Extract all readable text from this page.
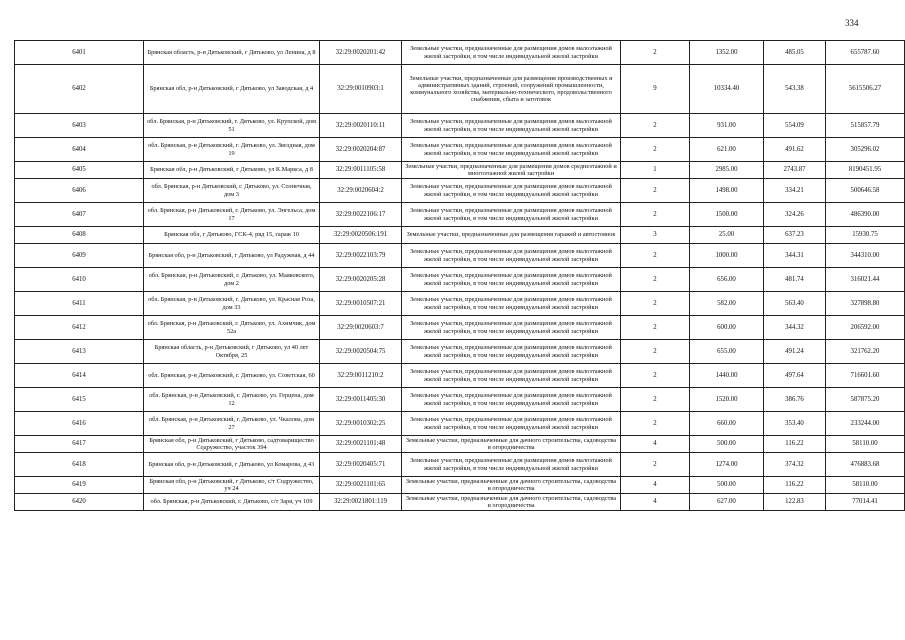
334
6401	Брянская область, р-н Дятьковский, г Дятьково, ул Ленина, д 8	32:29:0020201:42	Земельные участки, предназначенные для размещения домов малоэтажной жилой застройки, в том числе индивидуальной жилой застройки	2	1352.00	485.05	655787.60
6402	Брянская обл, р-н Дятьковский, г Дятьково, ул Заводская, д 4	32:29:0010903:1	Земельные участки, предназначенные для размещения производственных и административных зданий, строений, сооружений промышленности, коммунального хозяйства, материально-технического, продовольственного снабжения, сбыта и заготовок	9	10334.40	543.38	5615506.27
6403	обл. Брянская, р-н Дятьковский, г. Дятьково, ул. Крупской, дом 51	32:29:0020110:11	Земельные участки, предназначенные для размещения домов малоэтажной жилой застройки, в том числе индивидуальной жилой застройки	2	931.00	554.09	515857.79
6404	обл. Брянская, р-н Дятьковский, г. Дятьково, ул. Звездная, дом 19	32:29:0020204:87	Земельные участки, предназначенные для размещения домов малоэтажной жилой застройки, в том числе индивидуальной жилой застройки	2	621.00	491.62	305296.02
6405	Брянская обл, р-н Дятьковский, г Дятьково, ул К.Маркса, д 8	32:29:0011105:58	Земельные участки, предназначенные для размещения домов среднеэтажной и многоэтажной жилой застройки	1	2985.00	2743.87	8190451.95
6406	обл. Брянская, р-н Дятьковский, г. Дятьково, ул. Солнечная, дом 3	32:29:0020604:2	Земельные участки, предназначенные для размещения домов малоэтажной жилой застройки, в том числе индивидуальной жилой застройки	2	1498.00	334.21	500646.58
6407	обл. Брянская, р-н Дятьковский, г. Дятьково, ул. Энгельса, дом 17	32:29:0022106:17	Земельные участки, предназначенные для размещения домов малоэтажной жилой застройки, в том числе индивидуальной жилой застройки	2	1500.00	324.26	486390.00
6408	Брянская обл, г Дятьково, ГСК-4, ряд 15, гараж 10	32:29:0020506:191	Земельные участки, предназначенные для размещения гаражей и автостоянок	3	25.00	637.23	15930.75
6409	Брянская обл, р-н Дятьковский, г Дятьково, ул Радужная, д 44	32:29:0022103:79	Земельные участки, предназначенные для размещения домов малоэтажной жилой застройки, в том числе индивидуальной жилой застройки	2	1000.00	344.31	344310.00
6410	обл. Брянская, р-н Дятьковский, г. Дятьково, ул. Маяковского, дом 2	32:29:0020205:28	Земельные участки, предназначенные для размещения домов малоэтажной жилой застройки, в том числе индивидуальной жилой застройки	2	656.00	481.74	316021.44
6411	обл. Брянская, р-н Дятьковский, г. Дятьково, ул. Красная Роза, дом 33	32:29:0010507:21	Земельные участки, предназначенные для размещения домов малоэтажной жилой застройки, в том числе индивидуальной жилой застройки	2	582.00	563.40	327898.80
6412	обл. Брянская, р-н Дятьковский, г. Дятьково, ул. Ахимчик, дом 52а	32:29:0020603:7	Земельные участки, предназначенные для размещения домов малоэтажной жилой застройки, в том числе индивидуальной жилой застройки	2	600.00	344.32	206592.00
6413	Брянская область, р-н Дятьковский, г Дятьково, ул 40 лет Октября, 25	32:29:0020504:75	Земельные участки, предназначенные для размещения домов малоэтажной жилой застройки, в том числе индивидуальной жилой застройки	2	655.00	491.24	321762.20
6414	обл. Брянская, р-н Дятьковский, г. Дятьково, ул. Советская, 60	32:29:0011210:2	Земельные участки, предназначенные для размещения домов малоэтажной жилой застройки, в том числе индивидуальной жилой застройки	2	1440.00	497.64	716601.60
6415	обл. Брянская, р-н Дятьковский, г. Дятьково, ул. Герцена, дом 12	32:29:0011405:30	Земельные участки, предназначенные для размещения домов малоэтажной жилой застройки, в том числе индивидуальной жилой застройки	2	1520.00	386.76	587875.20
6416	обл. Брянская, р-н Дятьковский, г. Дятьково, ул. Чкалова, дом 27	32:29:0010302:25	Земельные участки, предназначенные для размещения домов малоэтажной жилой застройки, в том числе индивидуальной жилой застройки	2	660.00	353.40	233244.00
6417	Брянская обл, р-н Дятьковский, г Дятьково, садтоварищество Содружество, участок 394	32:29:0021101:48	Земельные участки, предназначенные для дачного строительства, садоводства и огородничества	4	500.00	116.22	58110.00
6418	Брянская обл, р-н Дятьковский, г Дятьково, ул Комарова, д 43	32:29:0020405:71	Земельные участки, предназначенные для размещения домов малоэтажной жилой застройки, в том числе индивидуальной жилой застройки	2	1274.00	374.32	476883.68
6419	Брянская обл, р-н Дятьковский, г Дятьково, с/т Содружество, уч 24	32:29:0021101:65	Земельные участки, предназначенные для дачного строительства, садоводства и огородничества	4	500.00	116.22	58110.00
6420	обл. Брянская, р-н Дятьковский, г. Дятьково, с/т Заря, уч 109	32:29:0021801:119	Земельные участки, предназначенные для дачного строительства, садоводства и огородничества	4	627.00	122.83	77014.41
